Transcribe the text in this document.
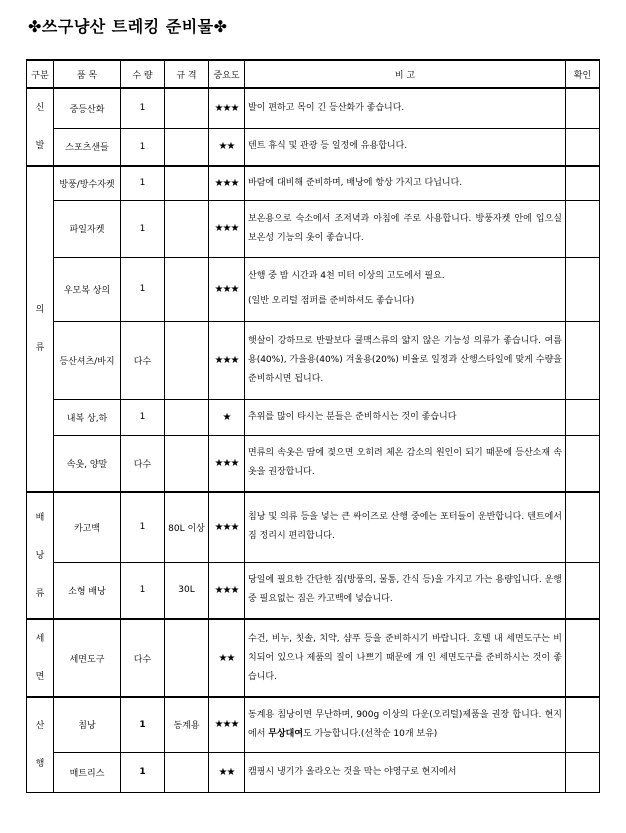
✤쓰구냥산 트레킹 준비물✤
구분	품 목	수 량	규 격	중요도	비 고	확인
신
발	중등산화	1		★★★	발이 편하고 목이 긴 등산화가 좋습니다.	
	스포츠샌들	1		★★	텐트 휴식 및 관광 등 일정에 유용합니다.	
의
류	방풍/방수자켓	1		★★★	바람에 대비해 준비하며, 배낭에 항상 가지고 다닙니다.	
	파일자켓	1		★★★	보온용으로 숙소에서 조저녁과 아침에 주로 사용합니다. 방풍자켓 안에 입으실 보온성 기능의 옷이 좋습니다.	
	우모복 상의	1		★★★	산행 중 밤 시간과 4천 미터 이상의 고도에서 필요.
(일반 오리털 점퍼를 준비하셔도 좋습니다)	

	등산셔츠/바지	다수		★★★	햇살이 강하므로 반팔보다 쿨맥스류의 얇지 않은 기능성 의류가 좋습니다. 여름용(40%), 가을용(40%) 겨울용(20%) 비율로 일정과 산행스타일에 맞게 수량을 준비하시면 됩니다.	
	내복 상,하	1		★	추위를 많이 타시는 분들은 준비하시는 것이 좋습니다	
	속옷, 양말	다수		★★★	면류의 속옷은 땀에 젖으면 오히려 체온 감소의 원인이 되기 때문에 등산소재 속옷을 권장합니다.	
배
낭
류	카고백	1	80L 이상	★★★	침낭 및 의류 등을 넣는 큰 싸이즈로 산행 중에는 포터들이 운반합니다. 텐트에서 짐 정리시 편리합니다.	
	소형 배낭	1	30L	★★★	당일에 필요한 간단한 짐(방풍의, 물통, 간식 등)을 가지고 가는 용량입니다. 운행 중 필요없는 짐은 카고백에 넣습니다.	
세
면	세면도구	다수		★★	수건, 비누, 칫솔, 치약, 샴푸 등을 준비하시기 바랍니다. 호텔 내 세면도구는 비치되어 있으나 제품의 질이 나쁘기 때문에 개 인 세면도구를 준비하시는 것이 좋습니다.	
산
행	침낭	1	동계용	★★★	동계용 침낭이면 무난하며, 900g 이상의 다운(오리털)제품을 권장 합니다. 현지에서 무상대여도 가능합니다.(선착순 10개 보유)	
	매트리스	1		★★	캠핑시 냉기가 올라오는 것을 막는 야영구로 현지에서	
